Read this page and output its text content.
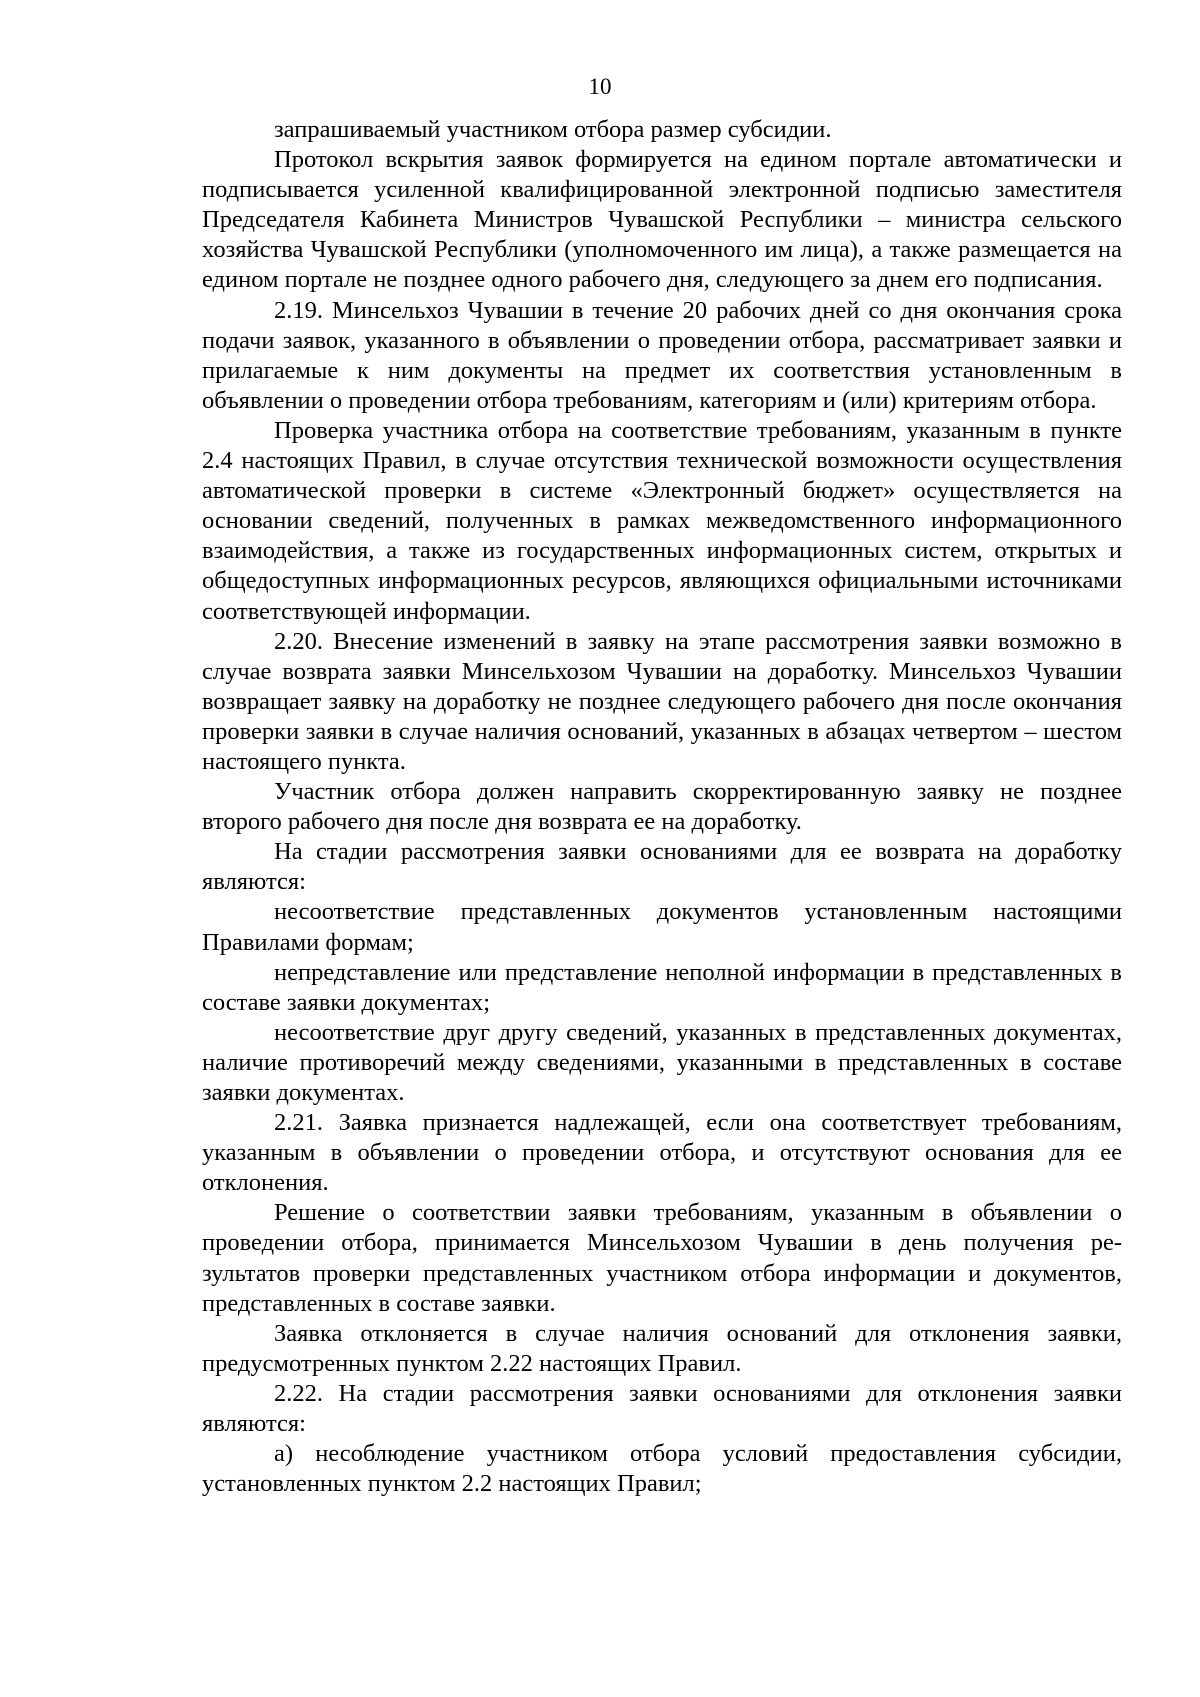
10

запрашиваемый участником отбора размер субсидии.

Протокол вскрытия заявок формируется на едином портале автоматически и подписывается усиленной квалифицированной электронной подписью заместителя Председателя Кабинета Министров Чувашской Республики – министра сельского хозяйства Чувашской Республики (уполномоченного им лица), а также размещается на едином портале не позднее одного рабочего дня, следующего за днем его подписания.

2.19. Минсельхоз Чувашии в течение 20 рабочих дней со дня окончания срока подачи заявок, указанного в объявлении о проведении отбора, рассматривает заявки и прилагаемые к ним документы на предмет их соответствия установленным в объявлении о проведении отбора требованиям, категориям и (или) критериям отбора.

Проверка участника отбора на соответствие требованиям, указанным в пункте 2.4 настоящих Правил, в случае отсутствия технической возможности осуществления автоматической проверки в системе «Электронный бюджет» осуществляется на основании сведений, полученных в рамках межведомственного информационного взаимодействия, а также из государственных информационных систем, открытых и общедоступных информационных ресурсов, являющихся официальными источниками соответствующей информации.

2.20. Внесение изменений в заявку на этапе рассмотрения заявки возможно в случае возврата заявки Минсельхозом Чувашии на доработку. Минсельхоз Чувашии возвращает заявку на доработку не позднее следующего рабочего дня после окончания проверки заявки в случае наличия оснований, указанных в абзацах четвертом – шестом настоящего пункта.

Участник отбора должен направить скорректированную заявку не позднее второго рабочего дня после дня возврата ее на доработку.

На стадии рассмотрения заявки основаниями для ее возврата на доработку являются:

несоответствие представленных документов установленным настоящими Правилами формам;

непредставление или представление неполной информации в представленных в составе заявки документах;

несоответствие друг другу сведений, указанных в представленных документах, наличие противоречий между сведениями, указанными в представленных в составе заявки документах.

2.21. Заявка признается надлежащей, если она соответствует требованиям, указанным в объявлении о проведении отбора, и отсутствуют основания для ее отклонения.

Решение о соответствии заявки требованиям, указанным в объявлении о проведении отбора, принимается Минсельхозом Чувашии в день получения результатов проверки представленных участником отбора информации и документов, представленных в составе заявки.

Заявка отклоняется в случае наличия оснований для отклонения заявки, предусмотренных пунктом 2.22 настоящих Правил.

2.22. На стадии рассмотрения заявки основаниями для отклонения заявки являются:

а) несоблюдение участником отбора условий предоставления субсидии, установленных пунктом 2.2 настоящих Правил;
